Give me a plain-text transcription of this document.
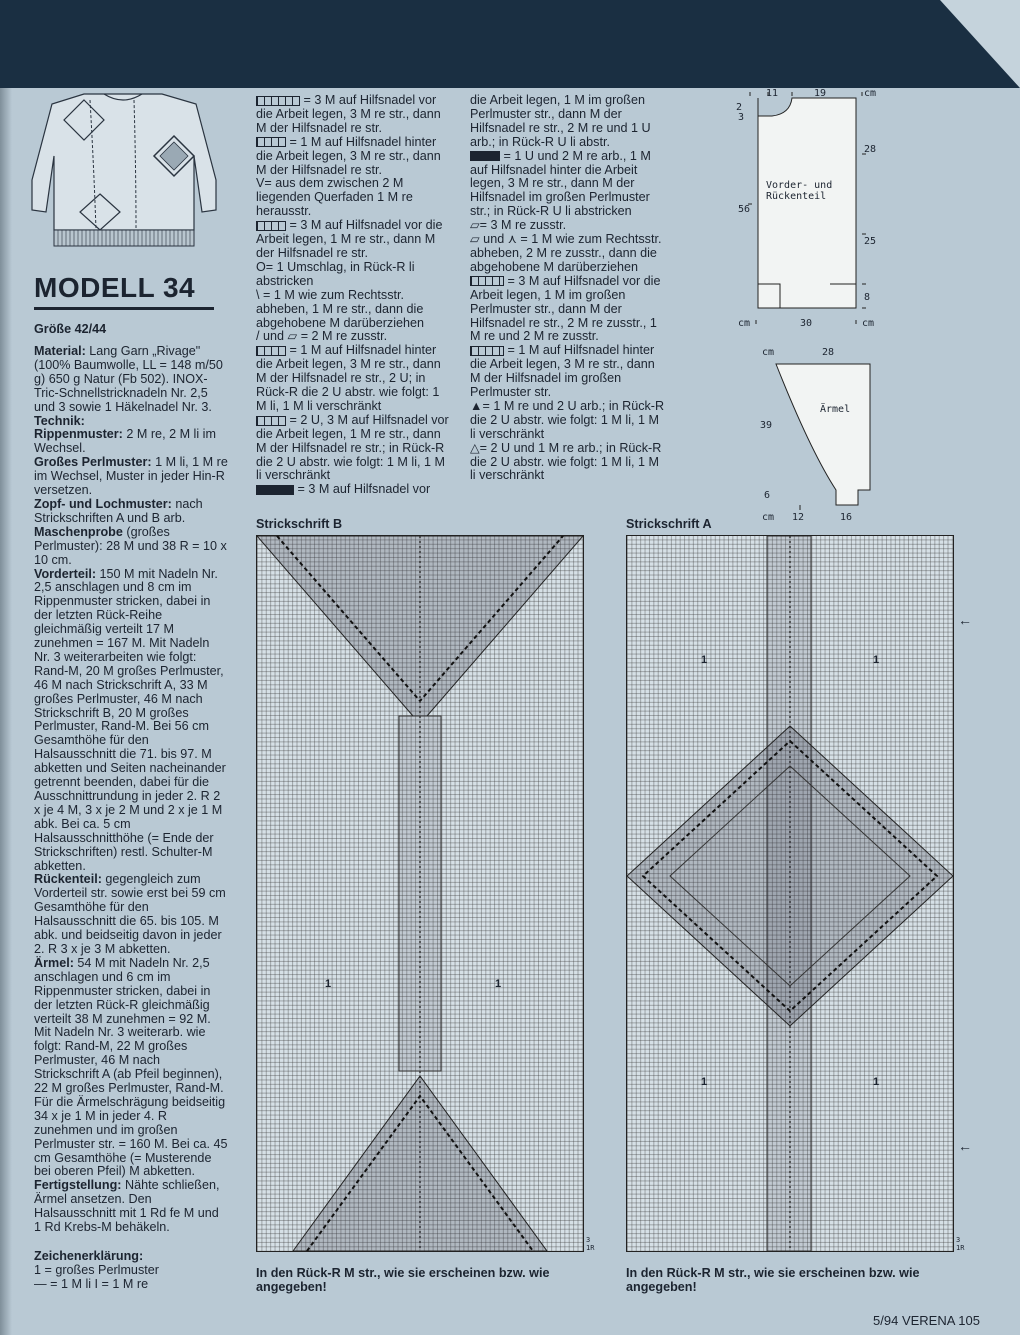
MODELL 34
Größe 42/44

Material: Lang Garn „Rivage" (100% Baumwolle, LL = 148 m/50 g) 650 g Natur (Fb 502). INOX-Tric-Schnellstricknadeln Nr. 2,5 und 3 sowie 1 Häkelnadel Nr. 3.

Technik:

Rippenmuster: 2 M re, 2 M li im Wechsel.

Großes Perlmuster: 1 M li, 1 M re im Wechsel, Muster in jeder Hin-R versetzen.

Zopf- und Lochmuster: nach Strickschriften A und B arb.

Maschenprobe (großes Perlmuster): 28 M und 38 R = 10 x 10 cm.

Vorderteil: 150 M mit Nadeln Nr. 2,5 anschlagen und 8 cm im Rippenmuster stricken, dabei in der letzten Rück-Reihe gleichmäßig verteilt 17 M zunehmen = 167 M. Mit Nadeln Nr. 3 weiterarbeiten wie folgt: Rand-M, 20 M großes Perlmuster, 46 M nach Strickschrift A, 33 M großes Perlmuster, 46 M nach Strickschrift B, 20 M großes Perlmuster, Rand-M. Bei 56 cm Gesamthöhe für den Halsausschnitt die 71. bis 97. M abketten und Seiten nacheinander getrennt beenden, dabei für die Ausschnittrundung in jeder 2. R 2 x je 4 M, 3 x je 2 M und 2 x je 1 M abk. Bei ca. 5 cm Halsausschnitthöhe (= Ende der Strickschriften) restl. Schulter-M abketten.

Rückenteil: gegengleich zum Vorderteil str. sowie erst bei 59 cm Gesamthöhe für den Halsausschnitt die 65. bis 105. M abk. und beidseitig davon in jeder 2. R 3 x je 3 M abketten.

Ärmel: 54 M mit Nadeln Nr. 2,5 anschlagen und 6 cm im Rippenmuster stricken, dabei in der letzten Rück-R gleichmäßig verteilt 38 M zunehmen = 92 M. Mit Nadeln Nr. 3 weiterarb. wie folgt: Rand-M, 22 M großes Perlmuster, 46 M nach Strickschrift A (ab Pfeil beginnen), 22 M großes Perlmuster, Rand-M. Für die Ärmelschrägung beidseitig 34 x je 1 M in jeder 4. R zunehmen und im großen Perlmuster str. = 160 M. Bei ca. 45 cm Gesamthöhe (= Musterende bei oberen Pfeil) M abketten.

Fertigstellung: Nähte schließen, Ärmel ansetzen. Den Halsausschnitt mit 1 Rd fe M und 1 Rd Krebs-M behäkeln.

Zeichenerklärung:
1 = großes Perlmuster
— = 1 M li I = 1 M re

= 3 M auf Hilfsnadel vor die Arbeit legen, 3 M re str., dann M der Hilfsnadel re str.

= 1 M auf Hilfsnadel hinter die Arbeit legen, 3 M re str., dann M der Hilfsnadel re str.

V= aus dem zwischen 2 M liegenden Querfaden 1 M re herausstr.

= 3 M auf Hilfsnadel vor die Arbeit legen, 1 M re str., dann M der Hilfsnadel re str.

O= 1 Umschlag, in Rück-R li abstricken

\ = 1 M wie zum Rechtsstr. abheben, 1 M re str., dann die abgehobene M darüberziehen

/ und ▱ = 2 M re zusstr.

= 1 M auf Hilfsnadel hinter die Arbeit legen, 3 M re str., dann M der Hilfsnadel re str., 2 U; in Rück-R die 2 U abstr. wie folgt: 1 M li, 1 M li verschränkt

= 2 U, 3 M auf Hilfsnadel vor die Arbeit legen, 1 M re str., dann M der Hilfsnadel re str.; in Rück-R die 2 U abstr. wie folgt: 1 M li, 1 M li verschränkt

= 3 M auf Hilfsnadel vor

die Arbeit legen, 1 M im großen Perlmuster str., dann M der Hilfsnadel re str., 2 M re und 1 U arb.; in Rück-R U li abstr.

= 1 U und 2 M re arb., 1 M auf Hilfsnadel hinter die Arbeit legen, 3 M re str., dann M der Hilfsnadel im großen Perlmuster str.; in Rück-R U li abstricken

▱= 3 M re zusstr.

▱ und ⋏ = 1 M wie zum Rechtsstr. abheben, 2 M re zusstr., dann die abgehobene M darüberziehen

= 3 M auf Hilfsnadel vor die Arbeit legen, 1 M im großen Perlmuster str., dann M der Hilfsnadel re str., 2 M re zusstr., 1 M re und 2 M re zusstr.

= 1 M auf Hilfsnadel hinter die Arbeit legen, 3 M re str., dann M der Hilfsnadel im großen Perlmuster str.

▲= 1 M re und 2 U arb.; in Rück-R die 2 U abstr. wie folgt: 1 M li, 1 M li verschränkt

△= 2 U und 1 M re arb.; in Rück-R die 2 U abstr. wie folgt: 1 M li, 1 M li verschränkt

11	19	cm
2
3
28
Vorder- und Rückenteil
56
25
8
cm	30	cm
cm	28
Ärmel
39
6
cm 12	16
Strickschrift B
1	1
3 1R
In den Rück-R M str., wie sie erscheinen bzw. wie angegeben!
Strickschrift A
1	1
1	1
←
←
3 1R
In den Rück-R M str., wie sie erscheinen bzw. wie angegeben!
5/94 VERENA 105
